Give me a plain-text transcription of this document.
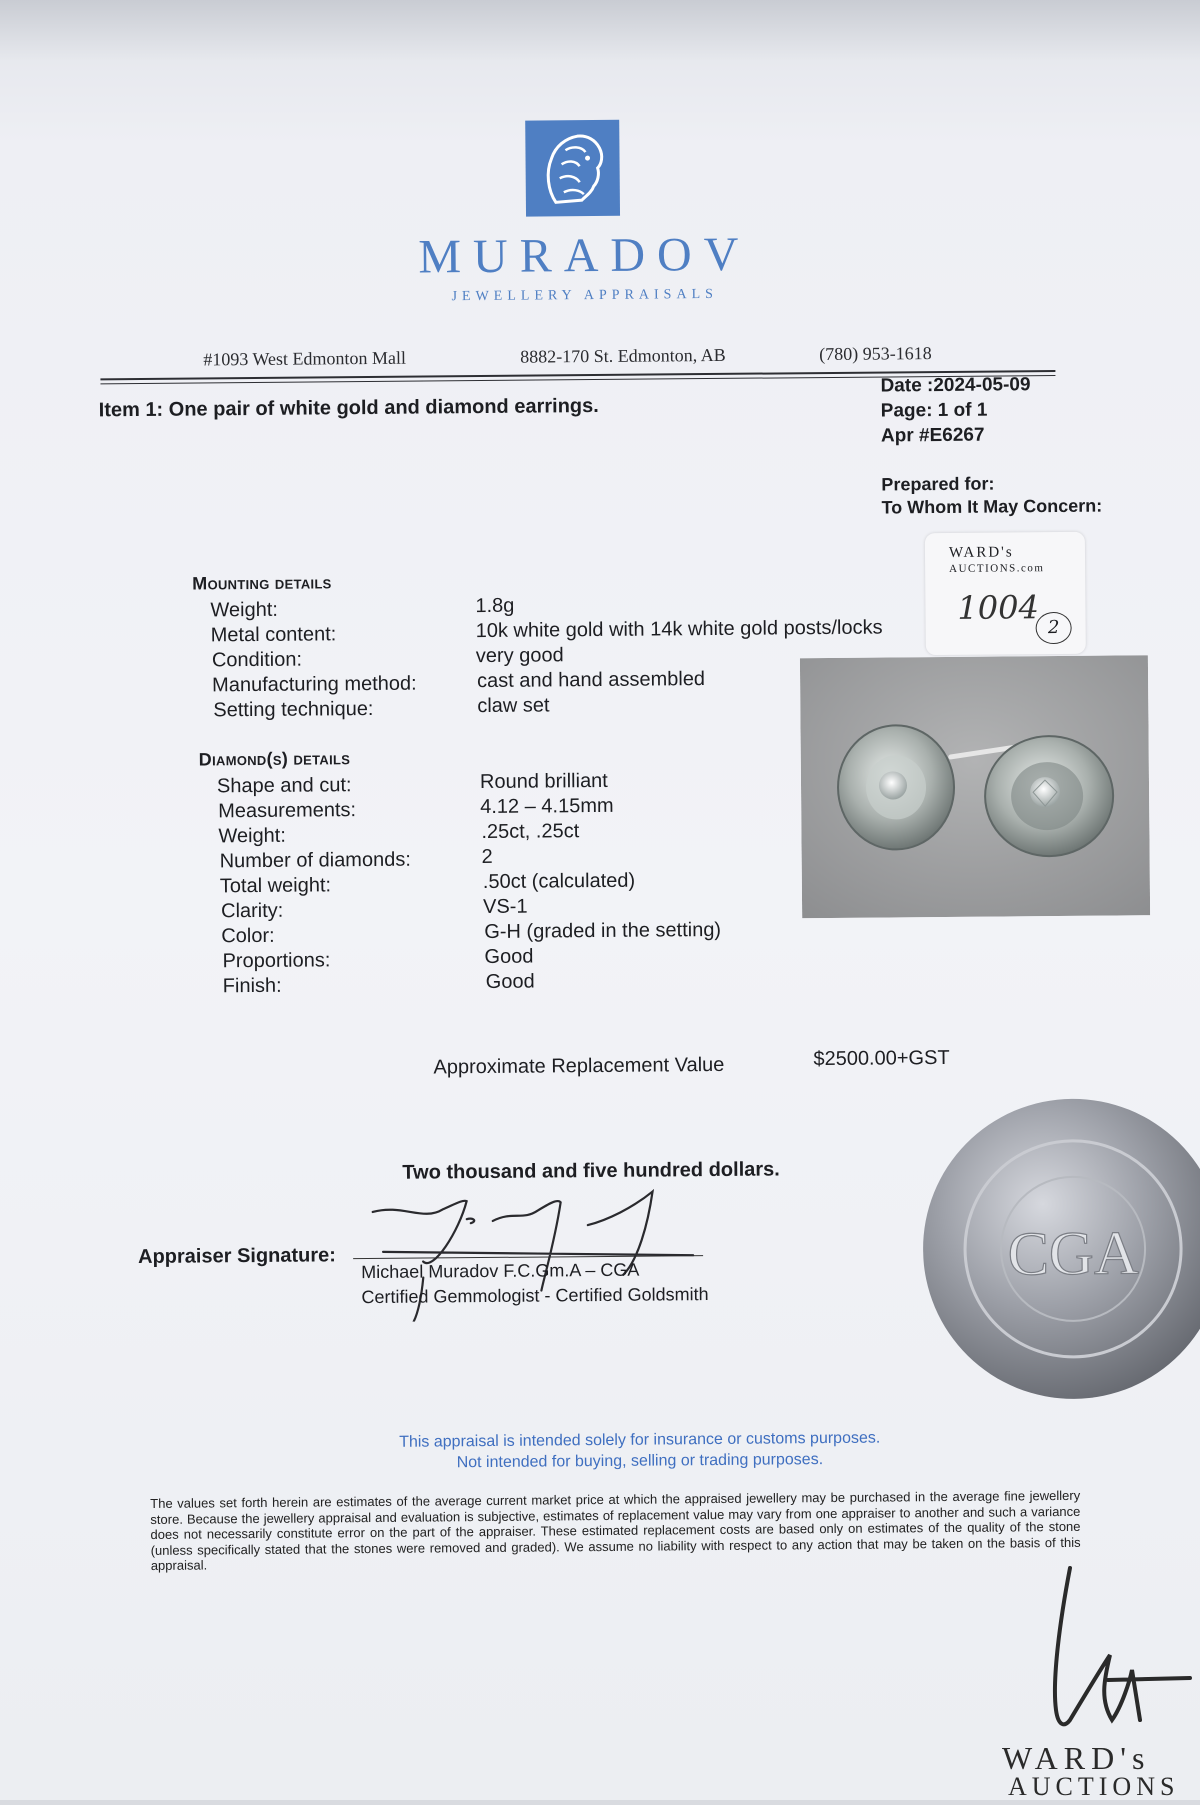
MURADOV
JEWELLERY APPRAISALS
#1093 West Edmonton Mall	8882-170 St. Edmonton, AB	(780) 953-1618
Item 1: One pair of white gold and diamond earrings.
Date :2024-05-09
Page: 1 of 1
Apr #E6267
Prepared for:
To Whom It May Concern:
Mounting details
Weight:	1.8g
Metal content:	10k white gold with 14k white gold posts/locks
Condition:	very good
Manufacturing method:	cast and hand assembled
Setting technique:	claw set
Diamond(s) details
Shape and cut:	Round brilliant
Measurements:	4.12 – 4.15mm
Weight:	.25ct, .25ct
Number of diamonds:	2
Total weight:	.50ct (calculated)
Clarity:	VS-1
Color:	G-H (graded in the setting)
Proportions:	Good
Finish:	Good
WARD's
AUCTIONS.com
1004
2
Approximate Replacement Value	$2500.00+GST
Two thousand and five hundred dollars.
Appraiser Signature:
Michael Muradov F.C.Gm.A – CGA
Certified Gemmologist - Certified Goldsmith
CGA
This appraisal is intended solely for insurance or customs purposes.
Not intended for buying, selling or trading purposes.
The values set forth herein are estimates of the average current market price at which the appraised jewellery may be purchased in the average fine jewellery store. Because the jewellery appraisal and evaluation is subjective, estimates of replacement value may vary from one appraiser to another and such a variance does not necessarily constitute error on the part of the appraiser. These estimated replacement costs are based only on estimates of the quality of the stone (unless specifically stated that the stones were removed and graded). We assume no liability with respect to any action that may be taken on the basis of this appraisal.
WARD's
AUCTIONS
